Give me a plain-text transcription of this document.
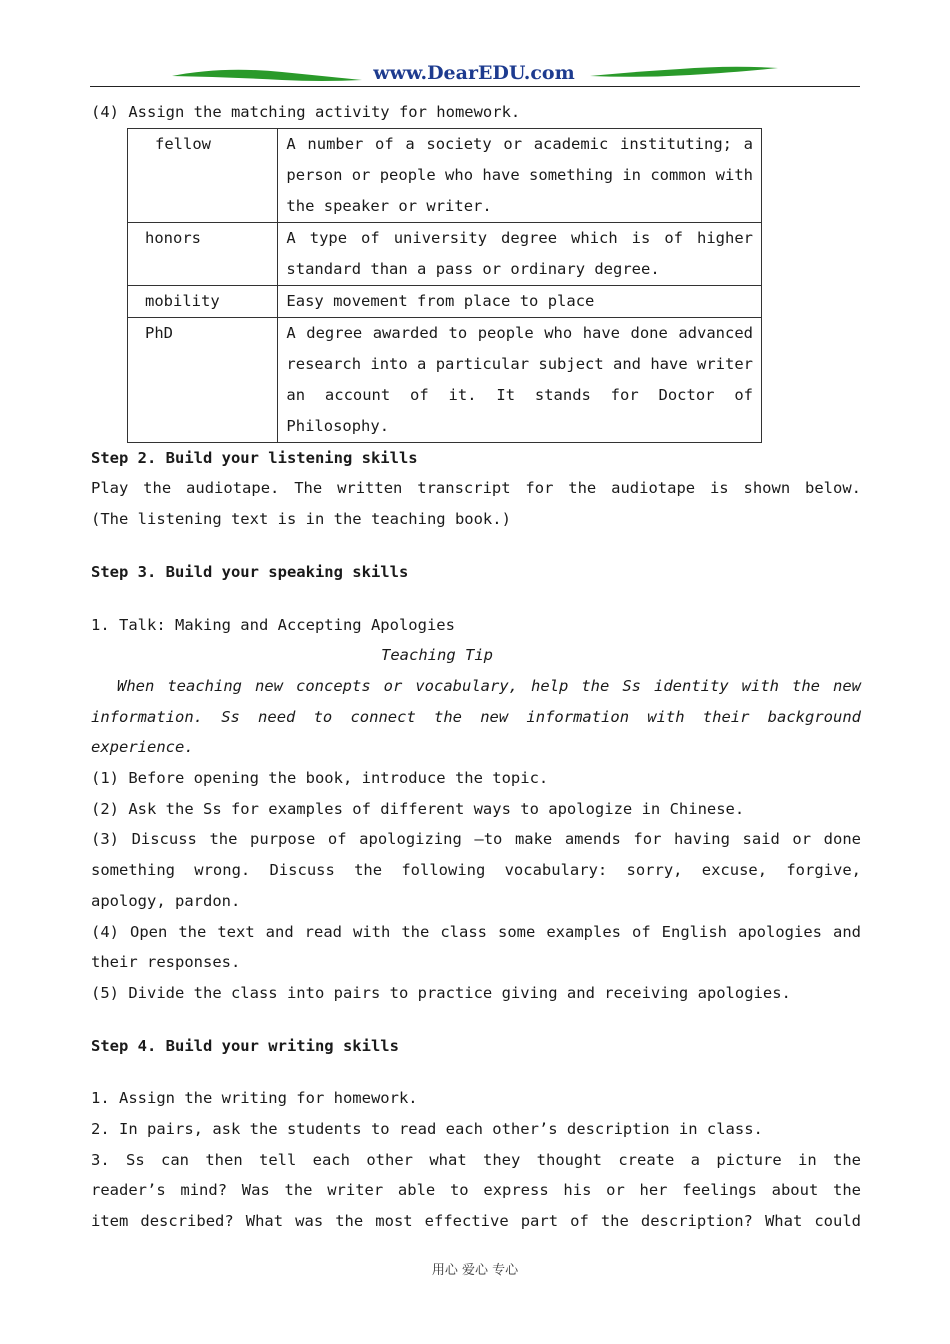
www.DearEDU.com
(4) Assign the matching activity for homework.
fellow	A number of a society or academic instituting; a
person or people who have something in common with
the speaker or writer.

honors	A type of university degree which is of higher
standard than a pass or ordinary degree.

mobility	Easy movement from place to place

PhD	A degree awarded to people who have done advanced
research into a particular subject and have writer
an account of it. It stands for Doctor of
Philosophy.
Step 2. Build your listening skills
Play the audiotape. The written transcript for the audiotape is shown below.
(The listening text is in the teaching book.)
Step 3. Build your speaking skills
1. Talk: Making and Accepting Apologies
Teaching Tip
When teaching new concepts or vocabulary, help the Ss identity with the new
information. Ss need to connect the new information with their background
experience.
(1) Before opening the book, introduce the topic.
(2) Ask the Ss for examples of different ways to apologize in Chinese.
(3) Discuss the purpose of apologizing –to make amends for having said or done
something wrong. Discuss the following vocabulary: sorry, excuse, forgive,
apology, pardon.
(4) Open the text and read with the class some examples of English apologies and
their responses.
(5) Divide the class into pairs to practice giving and receiving apologies.
Step 4. Build your writing skills
1. Assign the writing for homework.
2. In pairs, ask the students to read each other’s description in class.
3. Ss can then tell each other what they thought create a picture in the
reader’s mind? Was the writer able to express his or her feelings about the
item described? What was the most effective part of the description? What could
用心 爱心 专心
